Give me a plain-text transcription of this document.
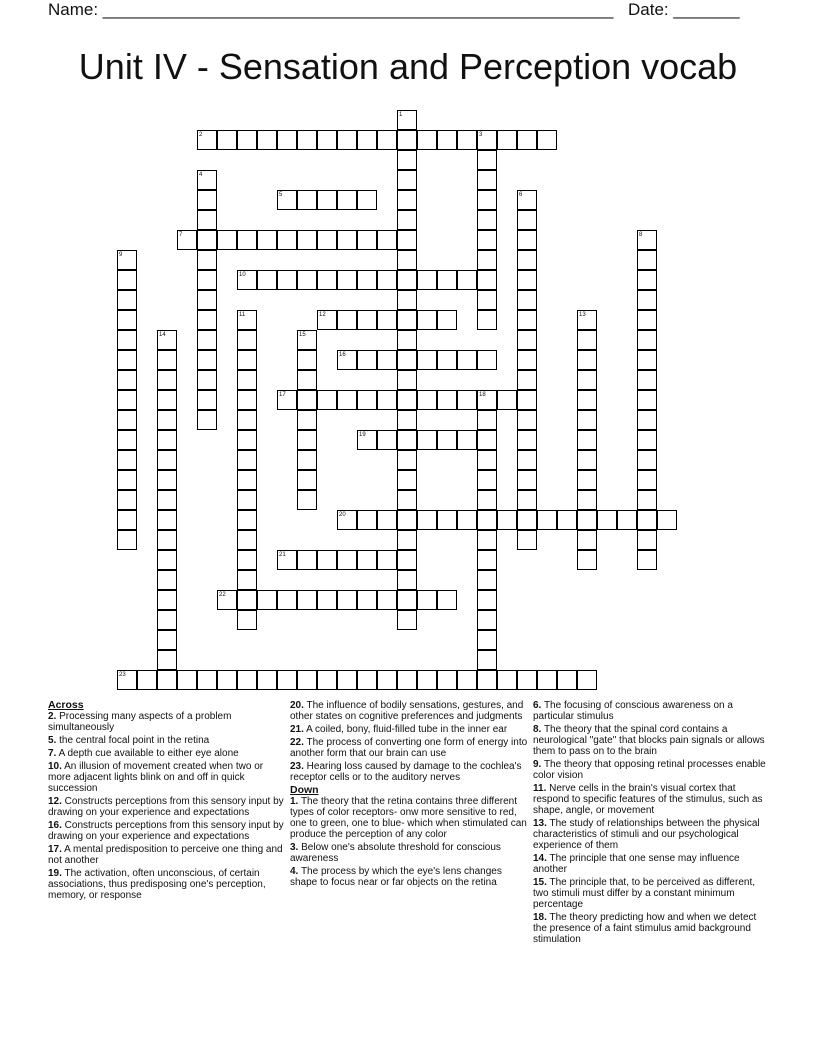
Name: ______________________________________________________ Date: _______
Unit IV - Sensation and Perception vocab
1
2	3
4
5	6
7	8
9
10
11	12	13
14	15
16
17	18
19
20
21
22
23
Across
2. Processing many aspects of a problem simultaneously
5. the central focal point in the retina
7. A depth cue available to either eye alone
10. An illusion of movement created when two or more adjacent lights blink on and off in quick succession
12. Constructs perceptions from this sensory input by drawing on your experience and expectations
16. Constructs perceptions from this sensory input by drawing on your experience and expectations
17. A mental predisposition to perceive one thing and not another
19. The activation, often unconscious, of certain associations, thus predisposing one's perception, memory, or response
20. The influence of bodily sensations, gestures, and other states on cognitive preferences and judgments
21. A coiled, bony, fluid-filled tube in the inner ear
22. The process of converting one form of energy into another form that our brain can use
23. Hearing loss caused by damage to the cochlea's receptor cells or to the auditory nerves
Down
1. The theory that the retina contains three different types of color receptors- onw more sensitive to red, one to green, one to blue- which when stimulated can produce the perception of any color
3. Below one's absolute threshold for conscious awareness
4. The process by which the eye's lens changes shape to focus near or far objects on the retina
6. The focusing of conscious awareness on a particular stimulus
8. The theory that the spinal cord contains a neurological "gate" that blocks pain signals or allows them to pass on to the brain
9. The theory that opposing retinal processes enable color vision
11. Nerve cells in the brain's visual cortex that respond to specific features of the stimulus, such as shape, angle, or movement
13. The study of relationships between the physical characteristics of stimuli and our psychological experience of them
14. The principle that one sense may influence another
15. The principle that, to be perceived as different, two stimuli must differ by a constant minimum percentage
18. The theory predicting how and when we detect the presence of a faint stimulus amid background stimulation
